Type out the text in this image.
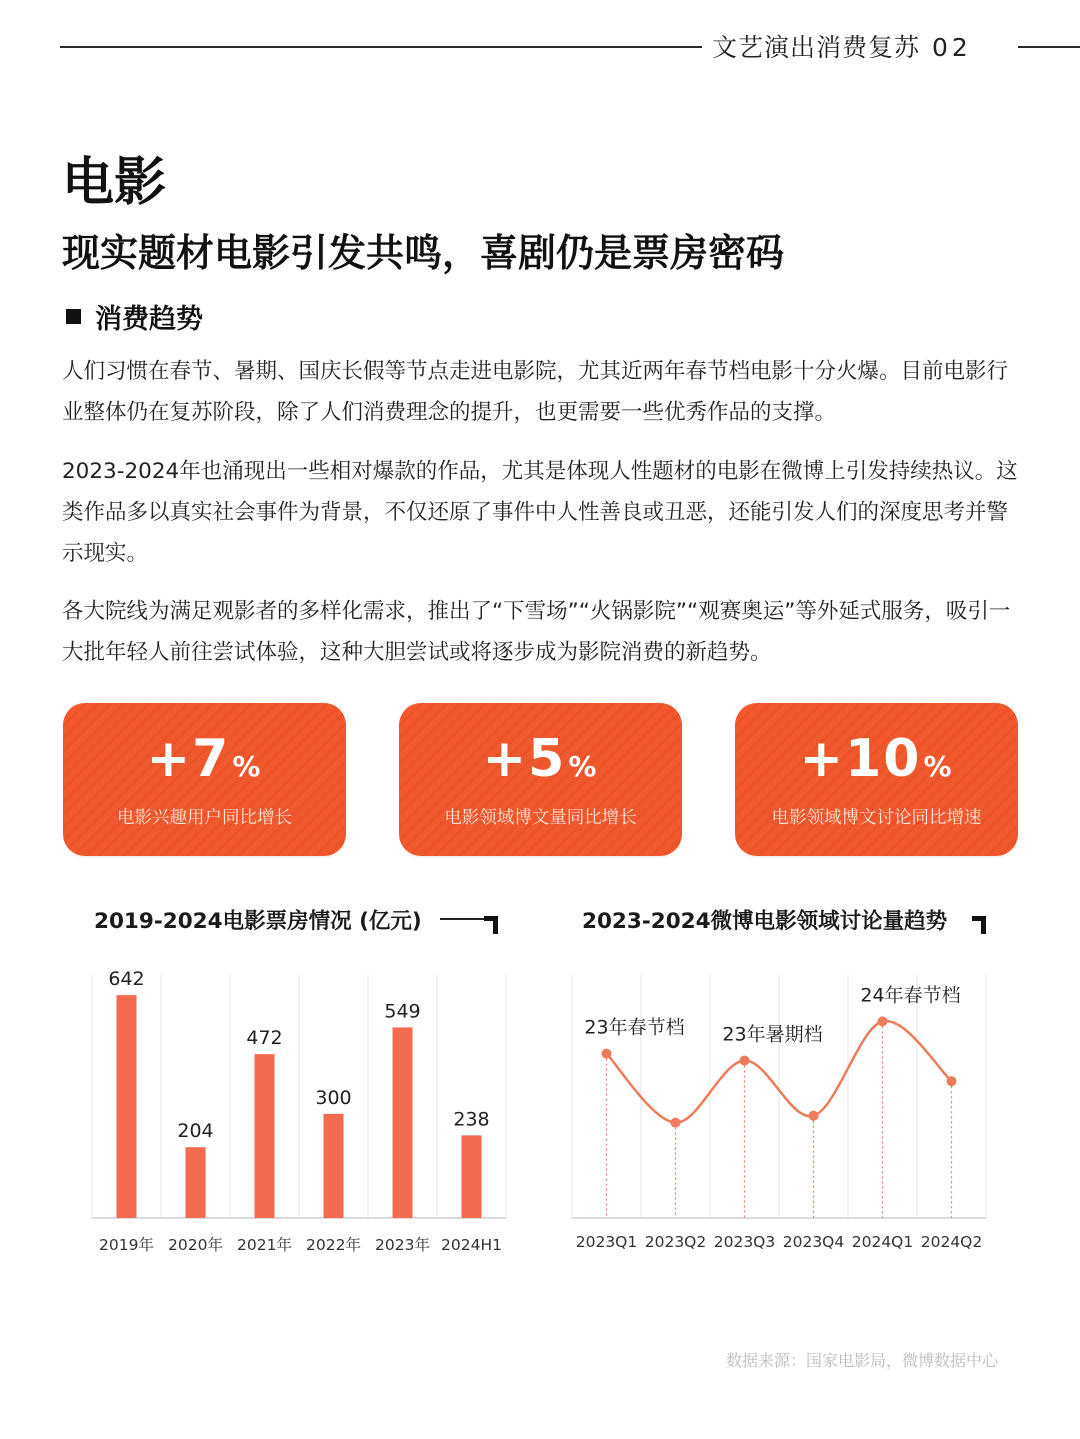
文艺演出消费复苏 02
电影
现实题材电影引发共鸣，喜剧仍是票房密码
消费趋势

人们习惯在春节、暑期、国庆长假等节点走进电影院，尤其近两年春节档电影十分火爆。目前电影行业整体仍在复苏阶段，除了人们消费理念的提升，也更需要一些优秀作品的支撑。

2023-2024年也涌现出一些相对爆款的作品，尤其是体现人性题材的电影在微博上引发持续热议。这类作品多以真实社会事件为背景，不仅还原了事件中人性善良或丑恶，还能引发人们的深度思考并警示现实。

各大院线为满足观影者的多样化需求，推出了“下雪场”“火锅影院”“观赛奥运”等外延式服务，吸引一大批年轻人前往尝试体验，这种大胆尝试或将逐步成为影院消费的新趋势。

+7%
电影兴趣用户同比增长
+5%
电影领域博文量同比增长
+10%
电影领域博文讨论同比增速
2019-2024电影票房情况 (亿元)	2023-2024微博电影领域讨论量趋势
642
2019年
204
2020年
472
2021年
300
2022年
549
2023年
238
2024H1	2023Q1 2023Q2 2023Q3 2023Q4 2024Q1 2024Q2
23年春节档 23年暑期档
24年春节档
数据来源：国家电影局，微博数据中心
